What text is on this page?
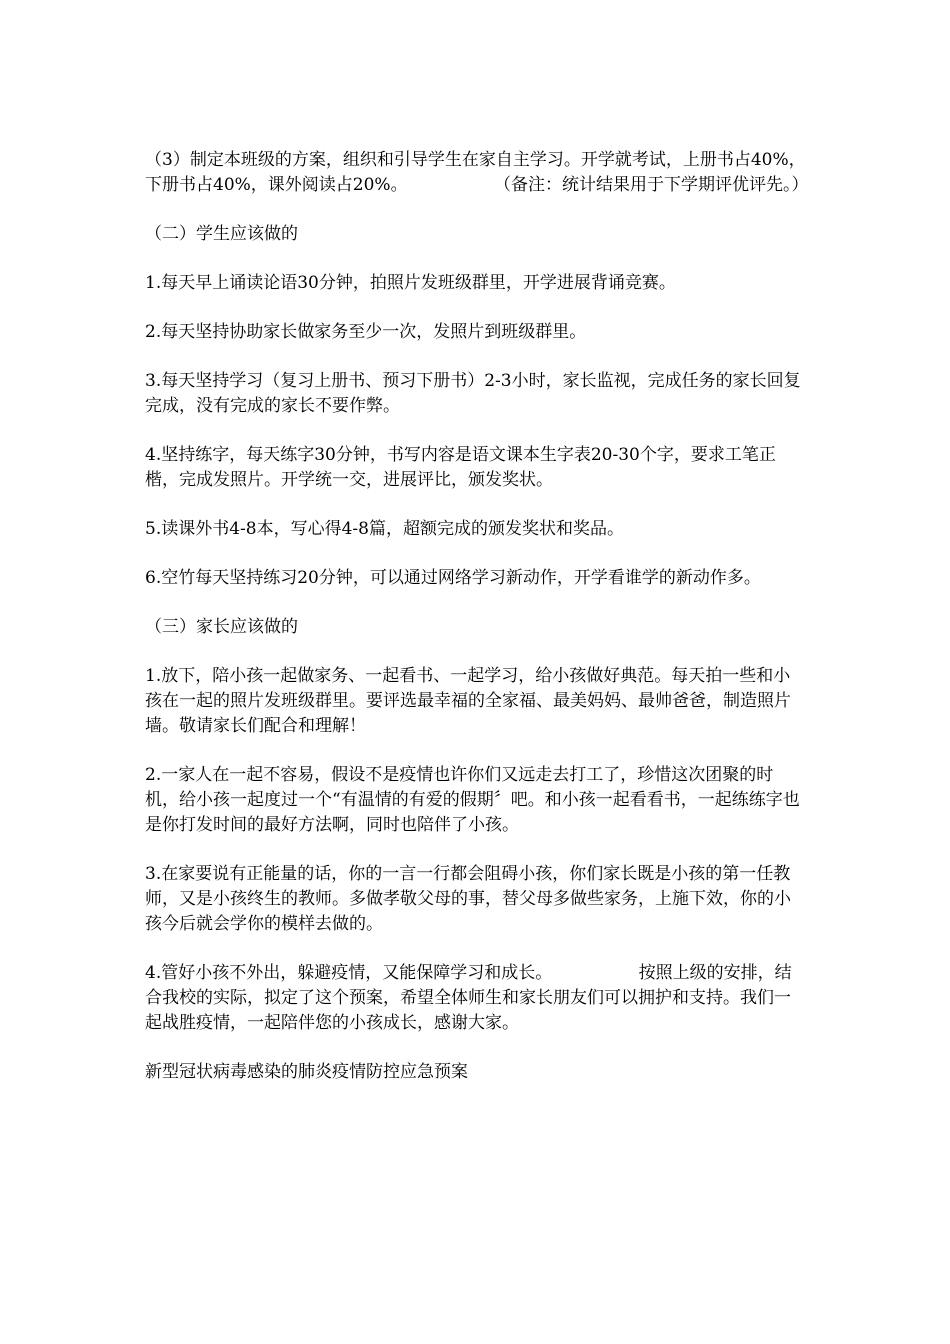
（3）制定本班级的方案，组织和引导学生在家自主学习。开学就考试，上册书占40%，下册书占40%，课外阅读占20%。                （备注：统计结果用于下学期评优评先。）

（二）学生应该做的

1.每天早上诵读论语30分钟，拍照片发班级群里，开学进展背诵竞赛。

2.每天坚持协助家长做家务至少一次，发照片到班级群里。

3.每天坚持学习（复习上册书、预习下册书）2-3小时，家长监视，完成任务的家长回复完成，没有完成的家长不要作弊。

4.坚持练字，每天练字30分钟，书写内容是语文课本生字表20-30个字，要求工笔正楷，完成发照片。开学统一交，进展评比，颁发奖状。

5.读课外书4-8本，写心得4-8篇，超额完成的颁发奖状和奖品。

6.空竹每天坚持练习20分钟，可以通过网络学习新动作，开学看谁学的新动作多。

（三）家长应该做的

1.放下，陪小孩一起做家务、一起看书、一起学习，给小孩做好典范。每天拍一些和小孩在一起的照片发班级群里。要评选最幸福的全家福、最美妈妈、最帅爸爸，制造照片墙。敬请家长们配合和理解！

2.一家人在一起不容易，假设不是疫情也许你们又远走去打工了，珍惜这次团聚的时机，给小孩一起度过一个“有温情的有爱的假期〞吧。和小孩一起看看书，一起练练字也是你打发时间的最好方法啊，同时也陪伴了小孩。

3.在家要说有正能量的话，你的一言一行都会阻碍小孩，你们家长既是小孩的第一任教师，又是小孩终生的教师。多做孝敬父母的事，替父母多做些家务，上施下效，你的小孩今后就会学你的模样去做的。

4.管好小孩不外出，躲避疫情，又能保障学习和成长。                按照上级的安排，结合我校的实际，拟定了这个预案，希望全体师生和家长朋友们可以拥护和支持。我们一起战胜疫情，一起陪伴您的小孩成长，感谢大家。

新型冠状病毒感染的肺炎疫情防控应急预案
